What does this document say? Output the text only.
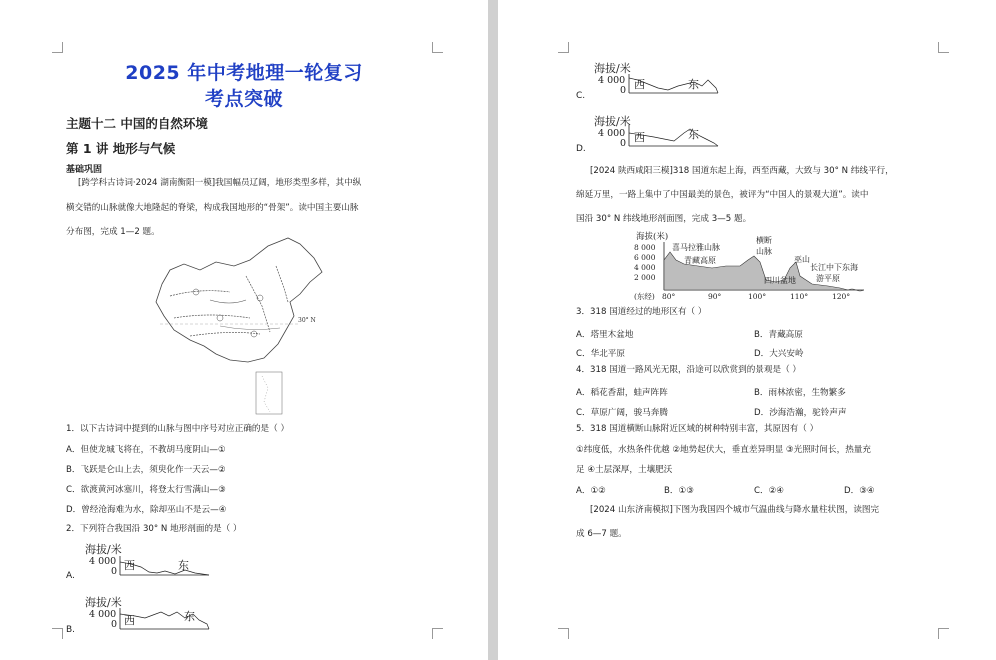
2025 年中考地理一轮复习
考点突破
主题十二 中国的自然环境
第 1 讲 地形与气候
基础巩固
[跨学科古诗词·2024 湖南衡阳一模]我国幅员辽阔，地形类型多样，其中纵
横交错的山脉就像大地隆起的脊梁，构成我国地形的“骨架”。读中国主要山脉
分布图，完成 1—2 题。
30° N
1．以下古诗词中提到的山脉与图中序号对应正确的是（ ）
A．但使龙城飞将在，不教胡马度阴山—①
B．飞跃是仑山上去，须臾化作一天云—②
C．欲渡黄河冰塞川，将登太行雪满山—③
D．曾经沧海难为水，除却巫山不是云—④
2．下列符合我国沿 30° N 地形剖面的是（ ）
海拔/米
4 000
0
A.
西	东
海拔/米
4 000
0
B.
西	东
海拔/米
4 000
0
C.
西	东
海拔/米
4 000
0
D.
西	东
[2024 陕西咸阳三模]318 国道东起上海，西至西藏，大致与 30° N 纬线平行，
绵延万里，一路上集中了中国最美的景色，被评为“中国人的景观大道”。读中
国沿 30° N 纬线地形剖面图，完成 3—5 题。
海拔(米)
8 000
6 000
4 000
2 000
喜马拉雅山脉
青藏高原
横断
山脉
巫山
四川盆地
长江中下
游平原
东海
(东经) 80°	90°	100°	110°	120°
3．318 国道经过的地形区有（ ）
A．塔里木盆地	B．青藏高原
C．华北平原	D．大兴安岭
4．318 国道一路风光无限，沿途可以欣赏到的景观是（ ）
A．稻花香甜，蛙声阵阵	B．雨林浓密，生物繁多
C．草原广阔，骏马奔腾	D．沙海浩瀚，驼铃声声
5．318 国道横断山脉附近区域的树种特别丰富，其原因有（ ）
①纬度低，水热条件优越 ②地势起伏大，垂直差异明显 ③光照时间长，热量充
足 ④土层深厚，土壤肥沃
A．①②	B．①③	C．②④	D．③④
[2024 山东济南模拟]下图为我国四个城市气温曲线与降水量柱状图，读图完
成 6—7 题。
